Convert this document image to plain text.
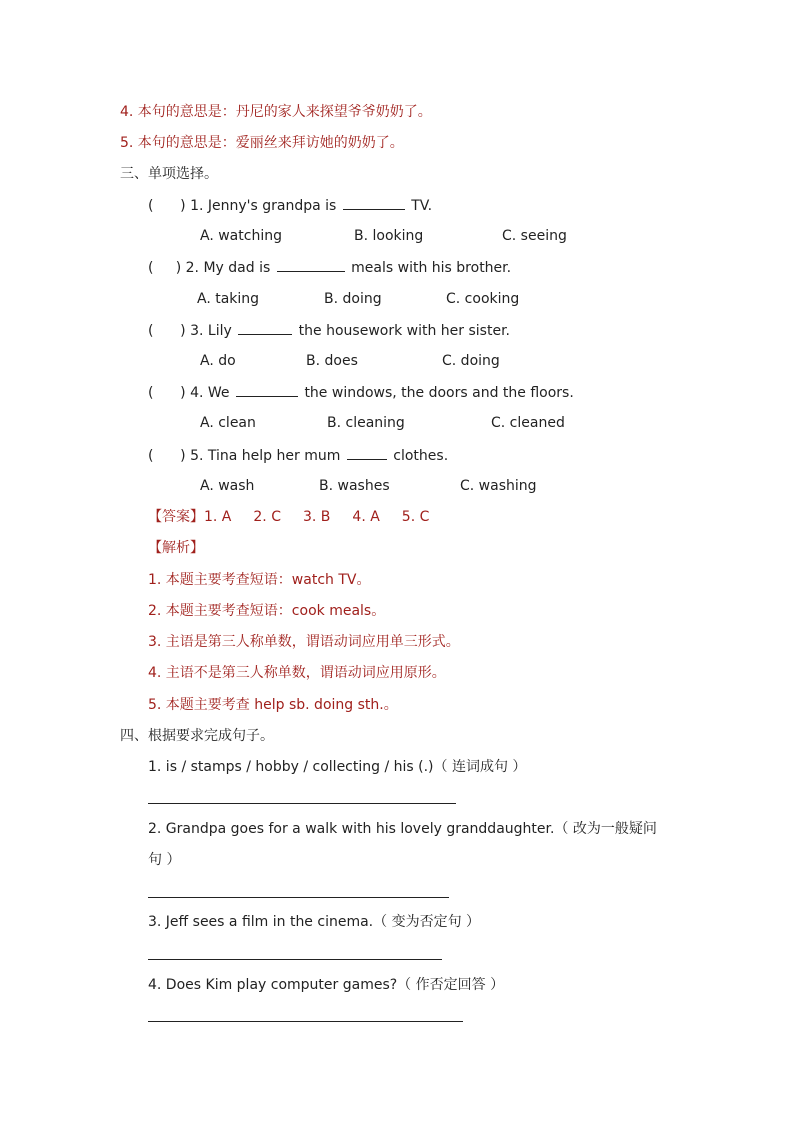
4. 本句的意思是：丹尼的家人来探望爷爷奶奶了。
5. 本句的意思是：爱丽丝来拜访她的奶奶了。
三、单项选择。
(      ) 1. Jenny's grandpa is	TV.
A. watching	B. looking	C. seeing
(     ) 2. My dad is	meals with his brother.
A. taking	B. doing	C. cooking
(      ) 3. Lily	the housework with her sister.
A. do	B. does	C. doing
(      ) 4. We	the windows, the doors and the floors.
A. clean	B. cleaning	C. cleaned
(      ) 5. Tina help her mum	clothes.
A. wash	B. washes	C. washing
【答案】1. A 2. C 3. B 4. A 5. C
【解析】
1. 本题主要考查短语：watch TV。
2. 本题主要考查短语：cook meals。
3. 主语是第三人称单数，谓语动词应用单三形式。
4. 主语不是第三人称单数，谓语动词应用原形。
5. 本题主要考查 help sb. doing sth.。
四、根据要求完成句子。
1. is / stamps / hobby / collecting / his (.)（ 连词成句 ）
2. Grandpa goes for a walk with his lovely granddaughter.（ 改为一般疑问
句 ）
3. Jeff sees a film in the cinema.（ 变为否定句 ）
4. Does Kim play computer games?（ 作否定回答 ）
